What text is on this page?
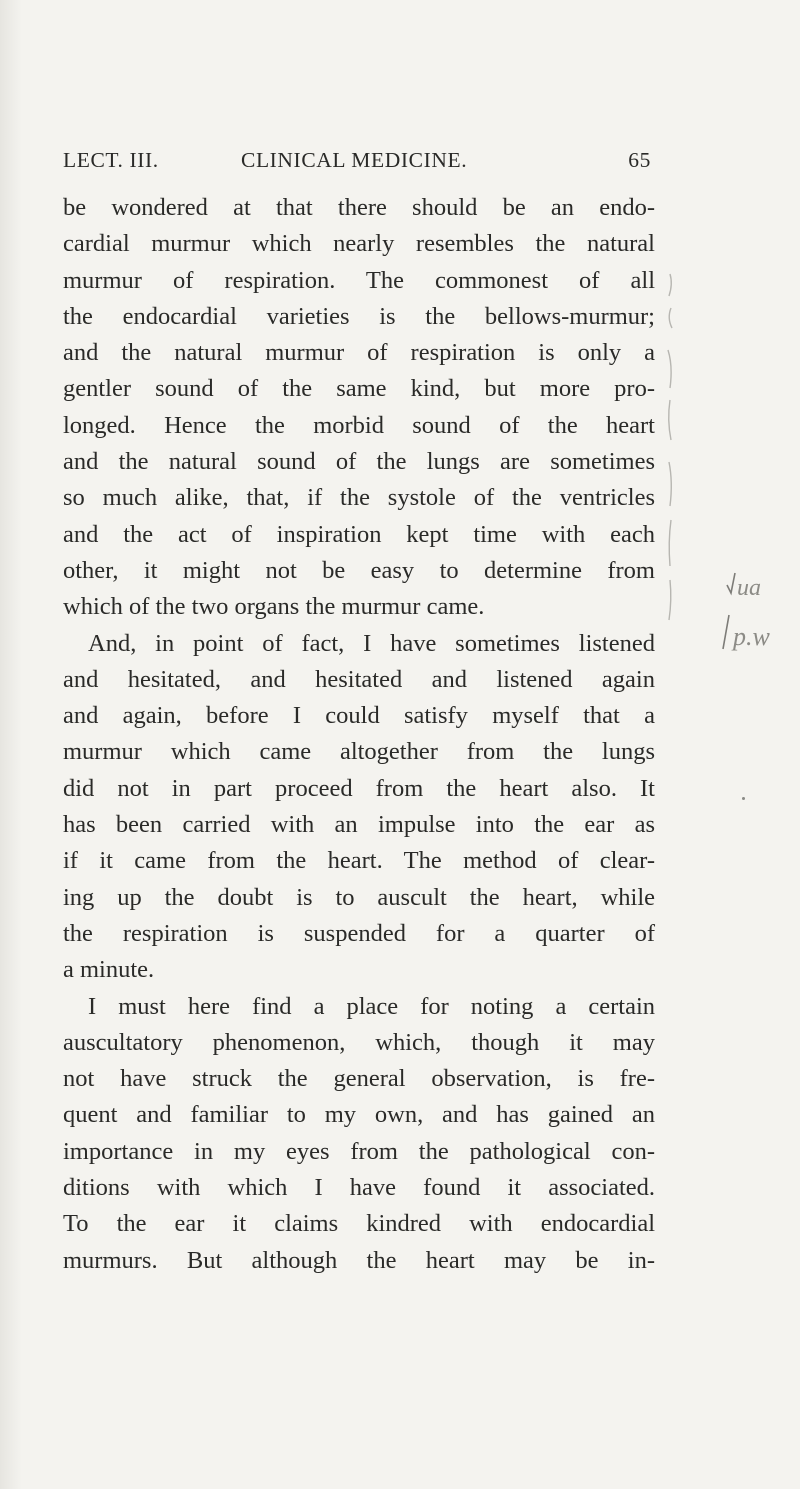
LECT. III.	CLINICAL MEDICINE.	65
be wondered at that there should be an endo-
cardial murmur which nearly resembles the natural
murmur of respiration. The commonest of all
the endocardial varieties is the bellows-murmur;
and the natural murmur of respiration is only a
gentler sound of the same kind, but more pro-
longed. Hence the morbid sound of the heart
and the natural sound of the lungs are sometimes
so much alike, that, if the systole of the ventricles
and the act of inspiration kept time with each
other, it might not be easy to determine from
which of the two organs the murmur came.
And, in point of fact, I have sometimes listened
and hesitated, and hesitated and listened again
and again, before I could satisfy myself that a
murmur which came altogether from the lungs
did not in part proceed from the heart also. It
has been carried with an impulse into the ear as
if it came from the heart. The method of clear-
ing up the doubt is to auscult the heart, while
the respiration is suspended for a quarter of
a minute.
I must here find a place for noting a certain
auscultatory phenomenon, which, though it may
not have struck the general observation, is fre-
quent and familiar to my own, and has gained an
importance in my eyes from the pathological con-
ditions with which I have found it associated.
To the ear it claims kindred with endocardial
murmurs. But although the heart may be in-
ua
p.w
